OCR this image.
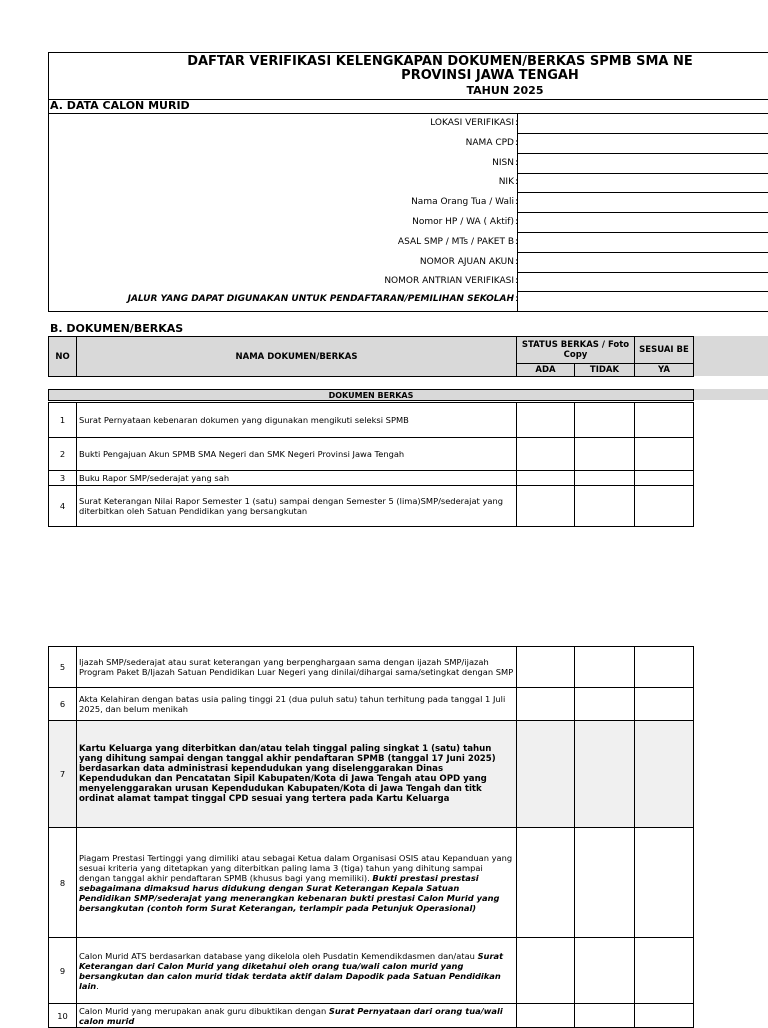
DAFTAR VERIFIKASI KELENGKAPAN DOKUMEN/BERKAS SPMB SMA NE
PROVINSI JAWA TENGAH
TAHUN 2025
A. DATA CALON MURID
LOKASI VERIFIKASI :
NAMA CPD :
NISN :
NIK :
Nama Orang Tua / Wali :
Nomor HP / WA ( Aktif) :
ASAL SMP / MTs / PAKET B :
NOMOR AJUAN AKUN :
NOMOR ANTRIAN VERIFIKASI :
JALUR YANG DAPAT DIGUNAKAN UNTUK PENDAFTARAN/PEMILIHAN SEKOLAH :
B. DOKUMEN/BERKAS
NO	NAMA DOKUMEN/BERKAS	STATUS BERKAS / Foto Copy		SESUAI BE
		ADA	TIDAK	YA
DOKUMEN BERKAS
1	Surat Pernyataan kebenaran dokumen yang digunakan mengikuti seleksi SPMB			
2	Bukti Pengajuan Akun SPMB SMA Negeri dan SMK Negeri Provinsi Jawa Tengah			
3	Buku Rapor SMP/sederajat yang sah			
4	Surat Keterangan Nilai Rapor Semester 1 (satu) sampai dengan Semester 5 (lima)SMP/sederajat yang diterbitkan oleh Satuan Pendidikan yang bersangkutan			
5	Ijazah SMP/sederajat atau surat keterangan yang berpenghargaan sama dengan ijazah SMP/ijazah Program Paket B/Ijazah Satuan Pendidikan Luar Negeri yang dinilai/dihargai sama/setingkat dengan SMP			
6	Akta Kelahiran dengan batas usia paling tinggi 21 (dua puluh satu) tahun terhitung pada tanggal 1 Juli 2025, dan belum menikah			
7	Kartu Keluarga yang diterbitkan dan/atau telah tinggal paling singkat 1 (satu) tahun yang dihitung sampai dengan tanggal akhir pendaftaran SPMB (tanggal 17 Juni 2025) berdasarkan data administrasi kependudukan yang diselenggarakan Dinas Kependudukan dan Pencatatan Sipil Kabupaten/Kota di Jawa Tengah atau OPD yang menyelenggarakan urusan Kependudukan Kabupaten/Kota di Jawa Tengah dan titk ordinat alamat tampat tinggal CPD sesuai yang tertera pada Kartu Keluarga			
8	Piagam Prestasi Tertinggi yang dimiliki atau sebagai Ketua dalam Organisasi OSIS atau Kepanduan yang sesuai kriteria yang ditetapkan yang diterbitkan paling lama 3 (tiga) tahun yang dihitung sampai dengan tanggal akhir pendaftaran SPMB (khusus bagi yang memiliki). Bukti prestasi prestasi sebagaimana dimaksud harus didukung dengan Surat Keterangan Kepala Satuan Pendidikan SMP/sederajat yang menerangkan kebenaran bukti prestasi Calon Murid yang bersangkutan (contoh form Surat Keterangan, terlampir pada Petunjuk Operasional)			
9	Calon Murid ATS berdasarkan database yang dikelola oleh Pusdatin Kemendikdasmen dan/atau Surat Keterangan dari Calon Murid yang diketahui oleh orang tua/wali calon murid yang bersangkutan dan calon murid tidak terdata aktif dalam Dapodik pada Satuan Pendidikan lain.			
10	Calon Murid yang merupakan anak guru dibuktikan dengan Surat Pernyataan dari orang tua/wali calon murid			
